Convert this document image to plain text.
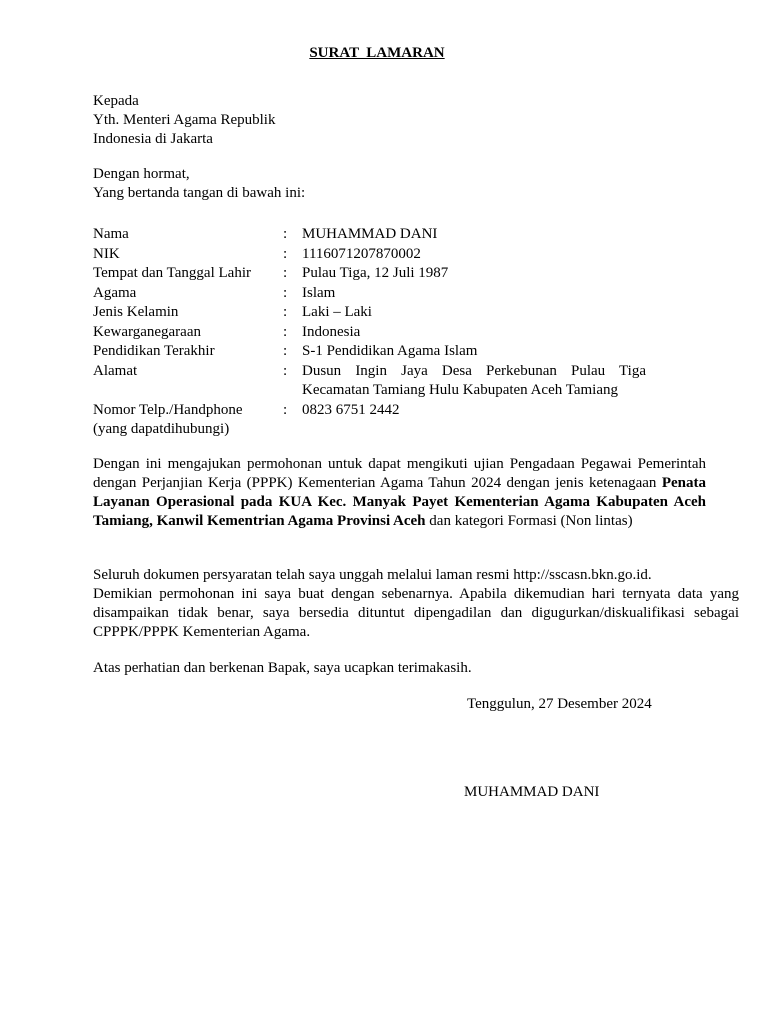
SURAT  LAMARAN
Kepada
Yth. Menteri Agama Republik
Indonesia di Jakarta
Dengan hormat,
Yang bertanda tangan di bawah ini:
Nama	:	MUHAMMAD DANI
NIK	:	1116071207870002
Tempat dan Tanggal Lahir	:	Pulau Tiga, 12 Juli 1987
Agama	:	Islam
Jenis Kelamin	:	Laki – Laki
Kewarganegaraan	:	Indonesia
Pendidikan Terakhir	:	S-1 Pendidikan Agama Islam
Alamat	:	Dusun Ingin Jaya Desa Perkebunan Pulau Tiga
Kecamatan Tamiang Hulu Kabupaten Aceh Tamiang

Nomor Telp./Handphone
(yang dapatdihubungi)	:	0823 6751 2442
Dengan ini mengajukan permohonan untuk dapat mengikuti ujian Pengadaan Pegawai Pemerintah dengan Perjanjian Kerja (PPPK) Kementerian Agama Tahun 2024 dengan jenis ketenagaan Penata Layanan Operasional pada KUA Kec. Manyak Payet Kementerian Agama Kabupaten Aceh Tamiang, Kanwil Kementrian Agama Provinsi Aceh dan kategori Formasi (Non lintas)
Seluruh dokumen persyaratan telah saya unggah melalui laman resmi http://sscasn.bkn.go.id.
Demikian permohonan ini saya buat dengan sebenarnya. Apabila dikemudian hari ternyata data yang disampaikan tidak benar, saya bersedia dituntut dipengadilan dan digugurkan/diskualifikasi sebagai CPPPK/PPPK Kementerian Agama.
Atas perhatian dan berkenan Bapak, saya ucapkan terimakasih.
Tenggulun, 27 Desember 2024
MUHAMMAD DANI
